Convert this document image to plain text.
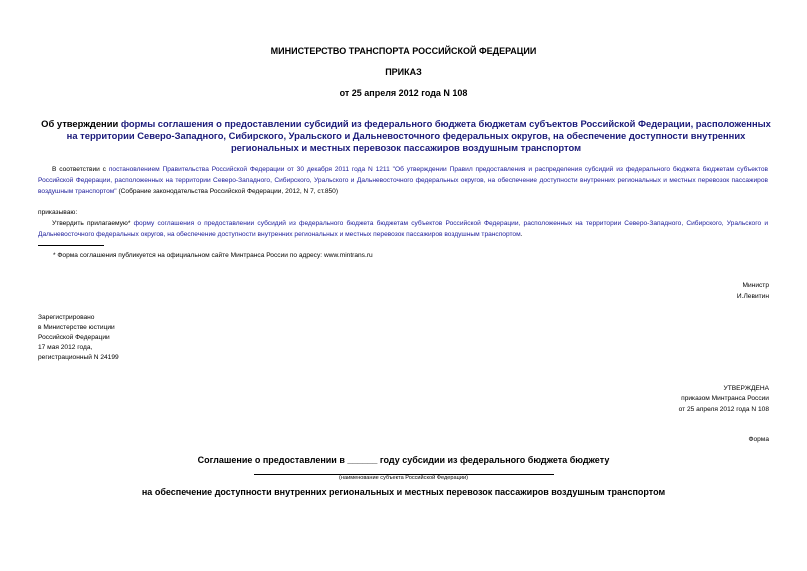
МИНИСТЕРСТВО ТРАНСПОРТА РОССИЙСКОЙ ФЕДЕРАЦИИ
ПРИКАЗ
от 25 апреля 2012 года N 108
Об утверждении формы соглашения о предоставлении субсидий из федерального бюджета бюджетам субъектов Российской Федерации, расположенных на территории Северо-Западного, Сибирского, Уральского и Дальневосточного федеральных округов, на обеспечение доступности внутренних региональных и местных перевозок пассажиров воздушным транспортом
В соответствии с постановлением Правительства Российской Федерации от 30 декабря 2011 года N 1211 "Об утверждении Правил предоставления и распределения субсидий из федерального бюджета бюджетам субъектов Российской Федерации, расположенных на территории Северо-Западного, Сибирского, Уральского и Дальневосточного федеральных округов, на обеспечение доступности внутренних региональных и местных перевозок пассажиров воздушным транспортом" (Собрание законодательства Российской Федерации, 2012, N 7, ст.850)
приказываю:
Утвердить прилагаемую* форму соглашения о предоставлении субсидий из федерального бюджета бюджетам субъектов Российской Федерации, расположенных на территории Северо-Западного, Сибирского, Уральского и Дальневосточного федеральных округов, на обеспечение доступности внутренних региональных и местных перевозок пассажиров воздушным транспортом.
* Форма соглашения публикуется на официальном сайте Минтранса России по адресу: www.mintrans.ru
Министр
И.Левитин
Зарегистрировано
в Министерстве юстиции
Российской Федерации
17 мая 2012 года,
регистрационный N 24199
УТВЕРЖДЕНА
приказом Минтранса России
от 25 апреля 2012 года N 108
Форма
Соглашение о предоставлении в ______ году субсидии из федерального бюджета бюджету
(наименование субъекта Российской Федерации)
на обеспечение доступности внутренних региональных и местных перевозок пассажиров воздушным транспортом
